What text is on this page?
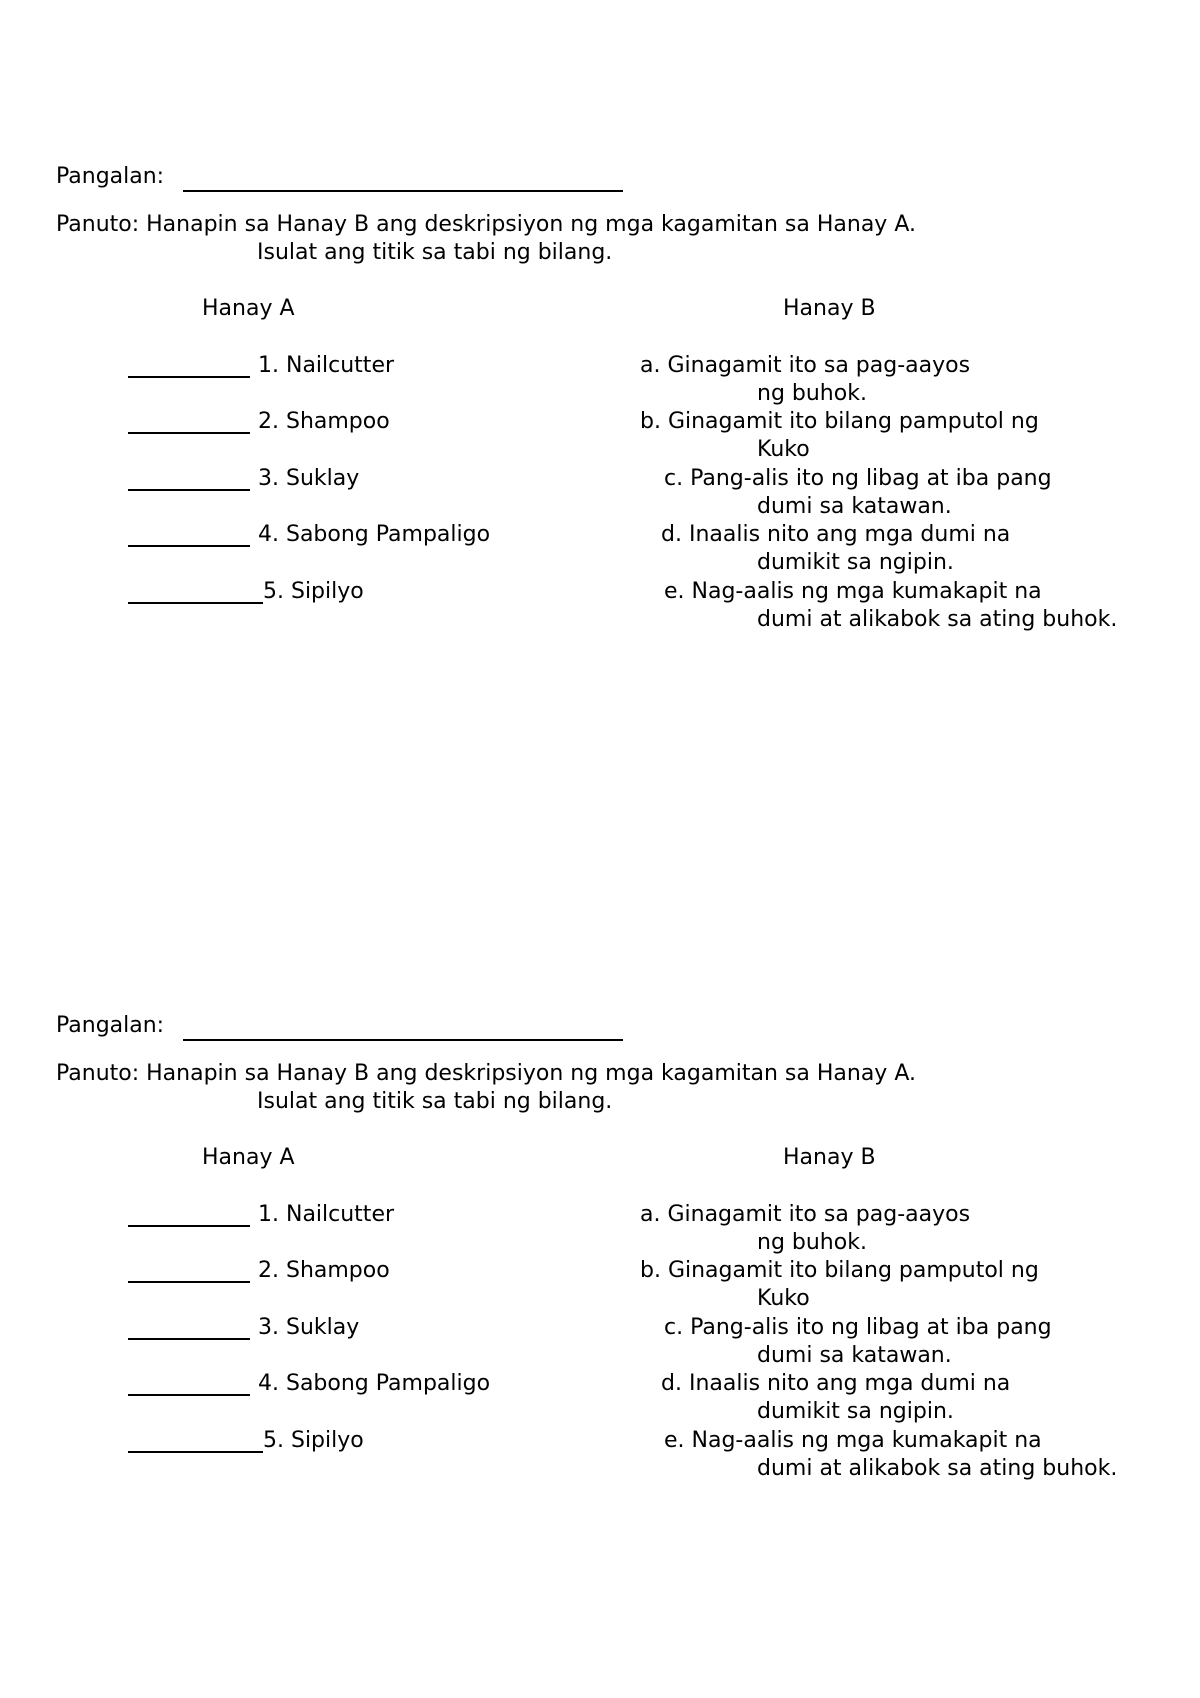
Pangalan:
Panuto: Hanapin sa Hanay B ang deskripsiyon ng mga kagamitan sa Hanay A.
Isulat ang titik sa tabi ng bilang.
Hanay A	Hanay B
1. Nailcutter
2. Shampoo
3. Suklay
4. Sabong Pampaligo
5. Sipilyo
a. Ginagamit ito sa pag-aayos
ng buhok.
b. Ginagamit ito bilang pamputol ng
Kuko
c. Pang-alis ito ng libag at iba pang
dumi sa katawan.
d. Inaalis nito ang mga dumi na
dumikit sa ngipin.
e. Nag-aalis ng mga kumakapit na
dumi at alikabok sa ating buhok.
Pangalan:
Panuto: Hanapin sa Hanay B ang deskripsiyon ng mga kagamitan sa Hanay A.
Isulat ang titik sa tabi ng bilang.
Hanay A	Hanay B
1. Nailcutter
2. Shampoo
3. Suklay
4. Sabong Pampaligo
5. Sipilyo
a. Ginagamit ito sa pag-aayos
ng buhok.
b. Ginagamit ito bilang pamputol ng
Kuko
c. Pang-alis ito ng libag at iba pang
dumi sa katawan.
d. Inaalis nito ang mga dumi na
dumikit sa ngipin.
e. Nag-aalis ng mga kumakapit na
dumi at alikabok sa ating buhok.
